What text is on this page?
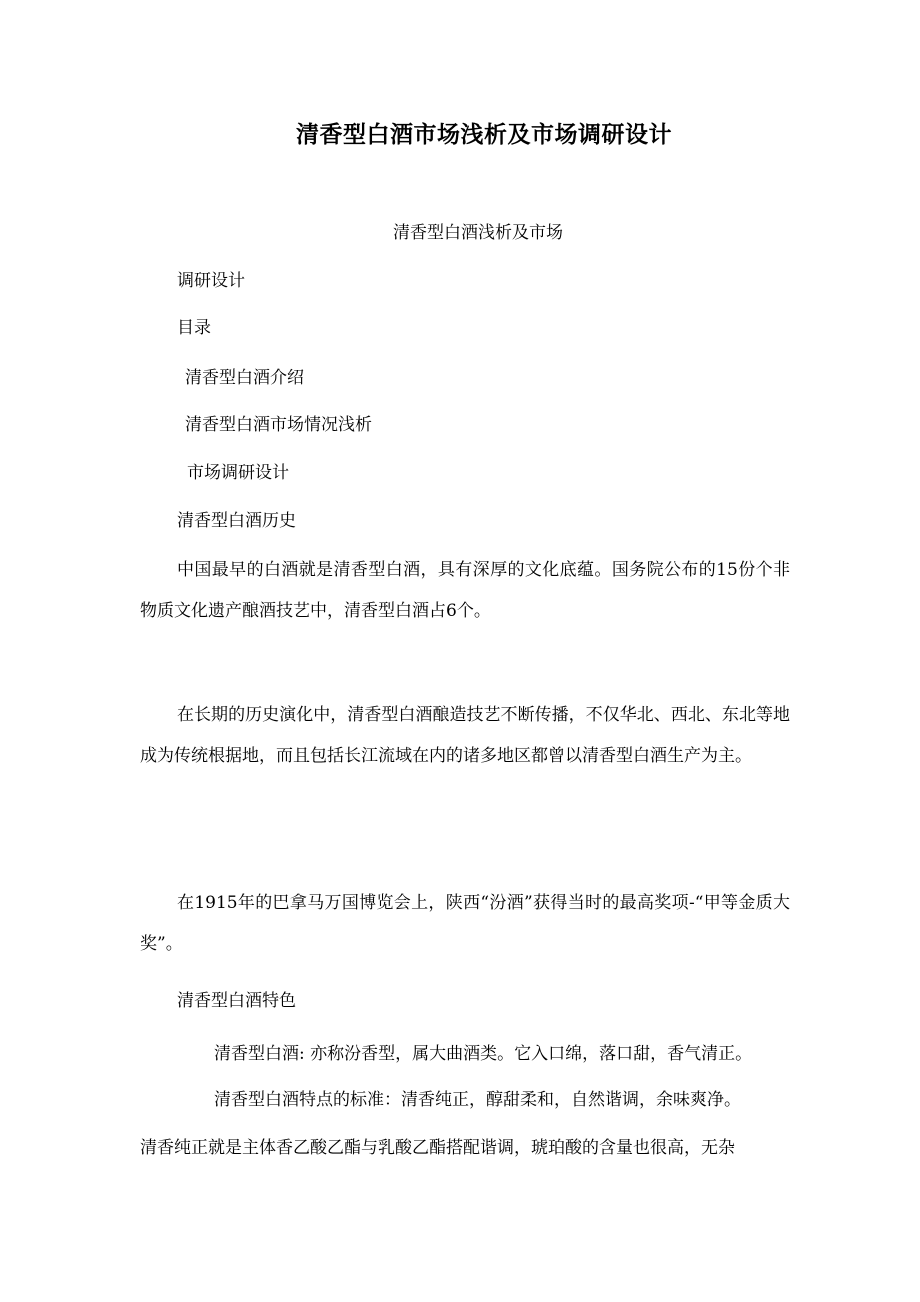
清香型白酒市场浅析及市场调研设计
清香型白酒浅析及市场
调研设计
目录
清香型白酒介绍
清香型白酒市场情况浅析
市场调研设计
清香型白酒历史
中国最早的白酒就是清香型白酒，具有深厚的文化底蕴。国务院公布的15份个非物质文化遗产酿酒技艺中，清香型白酒占6个。
在长期的历史演化中，清香型白酒酿造技艺不断传播，不仅华北、西北、东北等地成为传统根据地，而且包括长江流域在内的诸多地区都曾以清香型白酒生产为主。
在1915年的巴拿马万国博览会上，陕西“汾酒”获得当时的最高奖项-“甲等金质大奖”。
清香型白酒特色
清香型白酒: 亦称汾香型，属大曲酒类。它入口绵，落口甜，香气清正。
清香型白酒特点的标准：清香纯正，醇甜柔和，自然谐调，余味爽净。
清香纯正就是主体香乙酸乙酯与乳酸乙酯搭配谐调，琥珀酸的含量也很高，无杂
